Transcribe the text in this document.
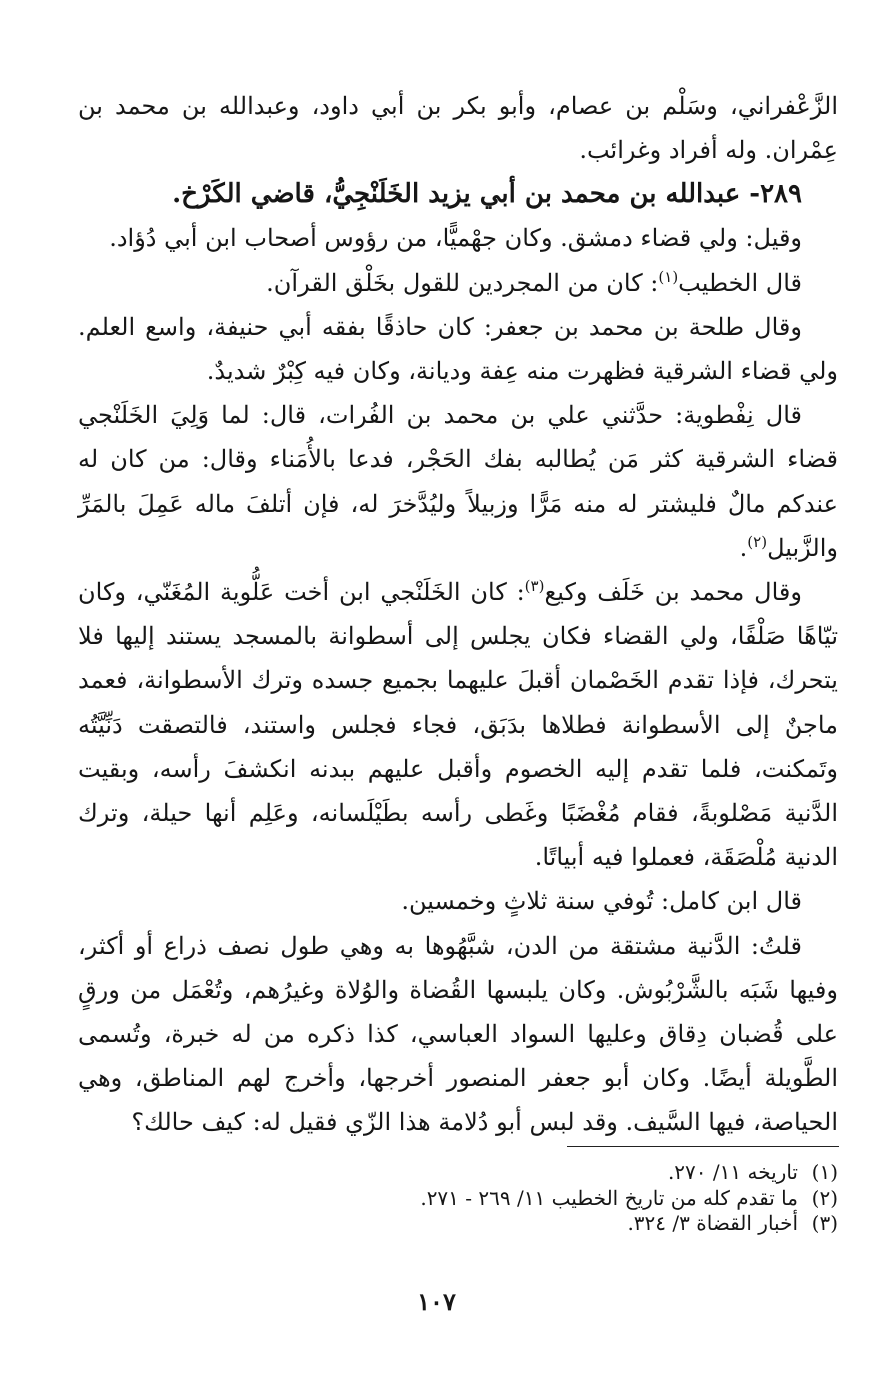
الزَّعْفراني، وسَلْم بن عصام، وأبو بكر بن أبي داود، وعبدالله بن محمد بن عِمْران. وله أفراد وغرائب.

٢٨٩- عبدالله بن محمد بن أبي يزيد الخَلَنْجِيُّ، قاضي الكَرْخ.

وقيل: ولي قضاء دمشق. وكان جهْميًّا، من رؤوس أصحاب ابن أبي دُؤاد.

قال الخطيب$^{(١)}$: كان من المجردين للقول بخَلْق القرآن.

وقال طلحة بن محمد بن جعفر: كان حاذقًا بفقه أبي حنيفة، واسع العلم. ولي قضاء الشرقية فظهرت منه عِفة وديانة، وكان فيه كِبْرٌ شديدٌ.

قال نِفْطوية: حدَّثني علي بن محمد بن الفُرات، قال: لما وَلِيَ الخَلَنْجي قضاء الشرقية كثر مَن يُطالبه بفك الحَجْر، فدعا بالأُمَناء وقال: من كان له عندكم مالٌ فليشتر له منه مَرًّا وزبيلاً وليُدَّخرَ له، فإن أتلفَ ماله عَمِلَ بالمَرِّ والزَّبيل$^{(٢)}$.

وقال محمد بن خَلَف وكيع$^{(٣)}$: كان الخَلَنْجي ابن أخت عَلُّوية المُغَنّي، وكان تيّاهًا صَلْفًا، ولي القضاء فكان يجلس إلى أسطوانة بالمسجد يستند إليها فلا يتحرك، فإذا تقدم الخَصْمان أقبلَ عليهما بجميع جسده وترك الأسطوانة، فعمد ماجنٌ إلى الأسطوانة فطلاها بدَبَق، فجاء فجلس واستند، فالتصقت دَنِّيَّتُه وتَمكنت، فلما تقدم إليه الخصوم وأقبل عليهم ببدنه انكشفَ رأسه، وبقيت الدَّنية مَصْلوبةً، فقام مُغْضَبًا وغَطى رأسه بطَيْلَسانه، وعَلِم أنها حيلة، وترك الدنية مُلْصَقَة، فعملوا فيه أبياتًا.

قال ابن كامل: تُوفي سنة ثلاثٍ وخمسين.

قلتُ: الدَّنية مشتقة من الدن، شبَّهُوها به وهي طول نصف ذراع أو أكثر، وفيها شَبَه بالشَّرْبُوش. وكان يلبسها القُضاة والوُلاة وغيرُهم، وتُعْمَل من ورقٍ على قُضبان دِقاق وعليها السواد العباسي، كذا ذكره من له خبرة، وتُسمى الطَّويلة أيضًا. وكان أبو جعفر المنصور أخرجها، وأخرج لهم المناطق، وهي الحياصة، فيها السَّيف. وقد لبس أبو دُلامة هذا الزّي فقيل له: كيف حالك؟

(١)
تاريخه ١١/ ٢٧٠.
(٢)
ما تقدم كله من تاريخ الخطيب ١١/ ٢٦٩ - ٢٧١.
(٣)
أخبار القضاة ٣/ ٣٢٤.
١٠٧
